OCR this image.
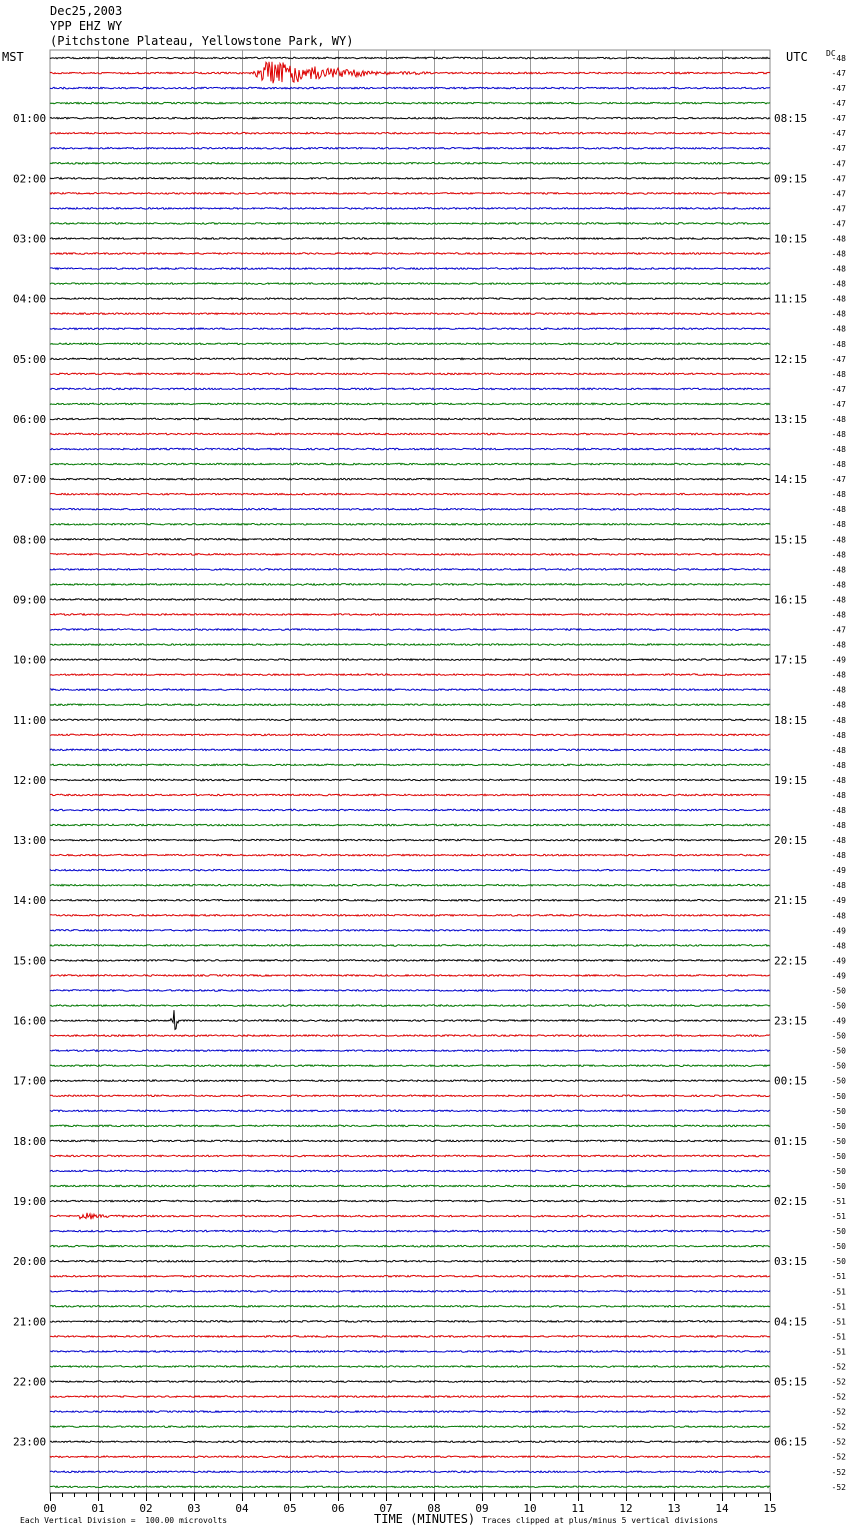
Dec25,2003
YPP EHZ WY
(Pitchstone Plateau, Yellowstone Park, WY)
00	01	02	03	04	05	06	07	08	09	10	11	12	13	14	15
-48
-47
-47
-47
-47
-47
-47
-47
-47
-47
-47
-47
-48
-48
-48
-48
-48
-48
-48
-48
-47
-48
-47
-47
-48
-48
-48
-48
-47
-48
-48
-48
-48
-48
-48
-48
-48
-48
-47
-48
-49
-48
-48
-48
-48
-48
-48
-48
-48
-48
-48
-48
-48
-48
-49
-48
-49
-48
-49
-48
-49
-49
-50
-50
-49
-50
-50
-50
-50
-50
-50
-50
-50
-50
-50
-50
-51
-51
-50
-50
-50
-51
-51
-51
-51
-51
-51
-52
-52
-52
-52
-52
-52
-52
-52
-52
01:00
02:00
03:00
04:00
05:00
06:00
07:00
08:00
09:00
10:00
11:00
12:00
13:00
14:00
15:00
16:00
17:00
18:00
19:00
20:00
21:00
22:00
23:00
08:15
09:15
10:15
11:15
12:15
13:15
14:15
15:15
16:15
17:15
18:15
19:15
20:15
21:15
22:15
23:15
00:15
01:15
02:15
03:15
04:15
05:15
06:15
MST	UTC DC
TIME (MINUTES)
Each Vertical Division =  100.00 microvolts	Traces clipped at plus/minus 5 vertical divisions
